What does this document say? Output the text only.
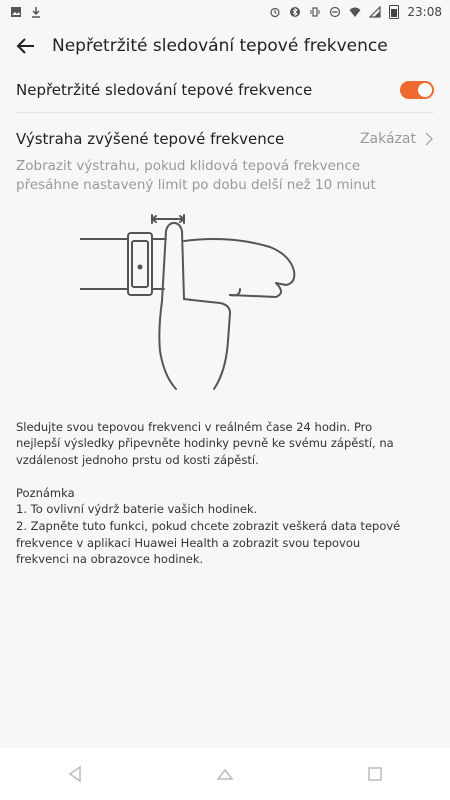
23:08
Nepřetržité sledování tepové frekvence
Nepřetržité sledování tepové frekvence
Výstraha zvýšené tepové frekvence	Zakázat
Zobrazit výstrahu, pokud klidová tepová frekvence přesáhne nastavený limit po dobu delší než 10 minut
Sledujte svou tepovou frekvenci v reálném čase 24 hodin. Pro nejlepší výsledky připevněte hodinky pevně ke svému zápěstí, na vzdálenost jednoho prstu od kosti zápěstí.
Poznámka
1. To ovlivní výdrž baterie vašich hodinek.
2. Zapněte tuto funkci, pokud chcete zobrazit veškerá data tepové frekvence v aplikaci Huawei Health a zobrazit svou tepovou frekvenci na obrazovce hodinek.
